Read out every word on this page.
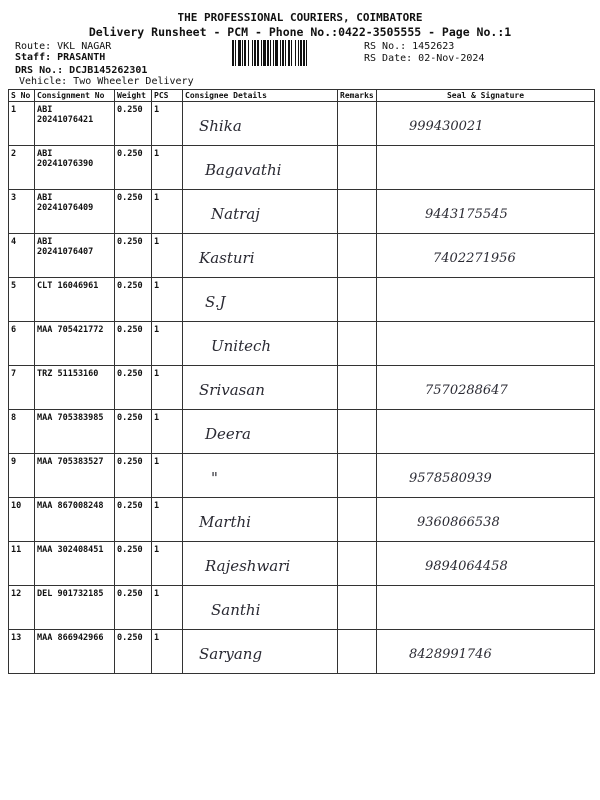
THE PROFESSIONAL COURIERS, COIMBATORE
Delivery Runsheet - PCM - Phone No.:0422-3505555 - Page No.:1
Route: VKL NAGAR
Staff: PRASANTH
DRS No.: DCJB145262301
Vehicle: Two Wheeler Delivery
RS No.: 1452623
RS Date: 02-Nov-2024
S No	Consignment No	Weight	PCS	Consignee Details	Remarks	Seal & Signature
1	ABI 20241076421	0.250	1	Shika		999430021
2	ABI 20241076390	0.250	1	Bagavathi		
3	ABI 20241076409	0.250	1	Natraj		9443175545
4	ABI 20241076407	0.250	1	Kasturi		7402271956
5	CLT 16046961	0.250	1	S.J		
6	MAA 705421772	0.250	1	Unitech		
7	TRZ 51153160	0.250	1	Srivasan		7570288647
8	MAA 705383985	0.250	1	Deera		
9	MAA 705383527	0.250	1	"		9578580939
10	MAA 867008248	0.250	1	Marthi		9360866538
11	MAA 302408451	0.250	1	Rajeshwari		9894064458
12	DEL 901732185	0.250	1	Santhi		
13	MAA 866942966	0.250	1	Saryang		8428991746
